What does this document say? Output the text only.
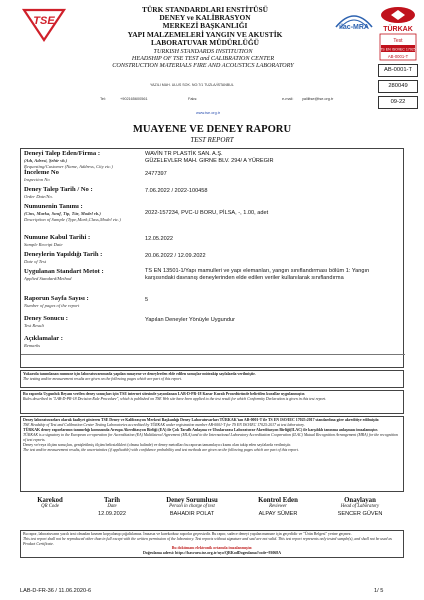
TSE
TÜRK STANDARDLARI ENSTİTÜSÜ
DENEY ve KALİBRASYON
MERKEZİ BAŞKANLIĞI
YAPI MALZEMELERİ YANGIN VE AKUSTİK
LABORATUVAR MÜDÜRLÜĞÜ
ilac-MRA TÜRKAK
Test
TS EN ISO/IEC 17025
AB-0001-T
TURKISH STANDARDS INSTITUTION
HEADSHIP OF TSE TEST and CALIBRATION CENTER
CONSTRUCTION MATERIALS FIRE AND ACOUSTICS LABORATORY
AB-0001-T
280049
09-22
YAZILI MAH. ULUS SOK. NO:7/1 TUZLA/İSTANBUL
Tel:	+902165600561	Faks:	e-mail: yalilitse@tse.org.tr
www.tse.org.tr
MUAYENE VE DENEY RAPORU
TEST REPORT
Deneyi Talep Eden/Firma :
(Adı, Adresi, Şehir vb.)
Requesting/Customer (Name, Address, City etc.)
WAVİN TR PLASTİK SAN. A.Ş.
GÜZELEVLER MAH. GIRNE BLV. 294/ A YÜREGIR
İnceleme No
Inspection No
2477397
Deney Talep Tarih / No :
Order Date/No.
7.06.2022 / 2022-100458
Numunenin Tanımı :
(Cins, Marka, Sınıf, Tip, Tür, Model vb.)
Description of Sample (Type,Mark,Class,Model etc.)
2022-157234, PVC-U BORU, PİLSA, -, 1.00, adet
Numune Kabul Tarihi :
Sample Receipt Date
12.05.2022
Deneylerin Yapıldığı Tarih :
Date of Test
20.06.2022 / 12.09.2022
Uygulanan Standart Metot :
Applied Standard/Method
TS EN 13501-1/Yapı mamulleri ve yapı elemanları, yangın sınıflandırması bölüm 1: Yangın karşısındaki davranış deneylerinden elde edilen veriler kullanılarak sınıflandırma
Raporun Sayfa Sayısı :
Number of pages of the report
5
Deney Sonucu :
Test Result
Yapılan Deneyler Yönüyle Uygundur
Açıklamalar :
Remarks

Yukarıda tanımlanan numune için laboratuvarımızda yapılan muayene ve deneylerden elde edilen sonuçlar müteakip sayfalarda verilmiştir.

The testing and/or measurement results are given on the following pages which are part of this report.

Bu raporda Uygunluk Beyanı verilen deney sonuçları için TSE internet sitesinde yayımlanan LAB-D-PR-18 Karar Kuralı Prosedüründe belirtilen kurallar uygulanmıştır.

Rules described in "LAB-D-PR-18 Decision Rule Procedure", which is published on TSE Web site have been applied to the test result for which Conformity Declaration is given in this test report.

Deney laboratuvarları olarak faaliyet gösteren TSE Deney ve Kalibrasyon Merkezi Başkanlığı Deney Laboratuvarları TÜRKAK'tan AB-0001-T ile TS EN ISO/IEC 17025:2017 standardına göre akreditiye edilmiştir.

TSE Headship of Test and Calibration Center Testing Laboratories accredited by TÜRKAK under registration number AB-0001-T for TS EN ISO/IEC 17025:2017 at test laboratory.

TÜRKAK deney raporlarının tanınırlığı konusunda Avrupa Akreditasyon Birliği (EA) ile Çok Taraflı Anlaşma ve Uluslararası Laboratuvar Akreditasyon Birliği(ILAC) ile karşılıklı tanınma anlaşması imzalamıştır.

TÜRKAK is a signatory to the European co-operation for Accreditation (EA) Multilateral Agreement (MLA) and to the International Laboratory Accreditation Cooperation (ILAC) Mutual Recognition Arrangement (MRA) for the recognition of test reports.

Deney ve/veya ölçüm sonuçları, genişletilmiş ölçüm belirsizlikleri (olması halinde) ve deney metodları bu raporun tamamlayıcı kısmı olan takip eden sayfalarda verilmiştir.

The test and/or measurement results, the uncertainties (if applicable) with confidence probability and test methods are given on the following pages which are part of this report.

Karekod
QR Code
Tarih
Date
12.09.2022
Deney Sorumlusu
Person in charge of test
BAHADIR POLAT
Kontrol Eden
Reviewer
ALPAY SÜMER
Onaylayan
Head of Laboratory
SENCER GÜVEN
Bu rapor, laboratuvarın yazılı izni olmadan kısmen kopyalanıp çoğaltılamaz. İmzasız ve karekodsuz raporlar geçersizdir. Bu rapor, sadece deneyi yapılan numune için geçerlidir ve "Ürün Belgesi" yerine geçmez.
This test report shall not be reproduced other than in full except with the written permission of the laboratory. Test reports without signature and seal are not valid. This test report represents only tested sample(s), and shall not be used as Product Certificate.
Bu dokümanı elektronik ortamda imzalanmıştır.
Doğrulama adresi: https://basvuru.tse.org.tr/uyo/QRKodDogrulama?code=93068A
LAB-D-FR-36 / 11.06.2020-6	1/ 5
